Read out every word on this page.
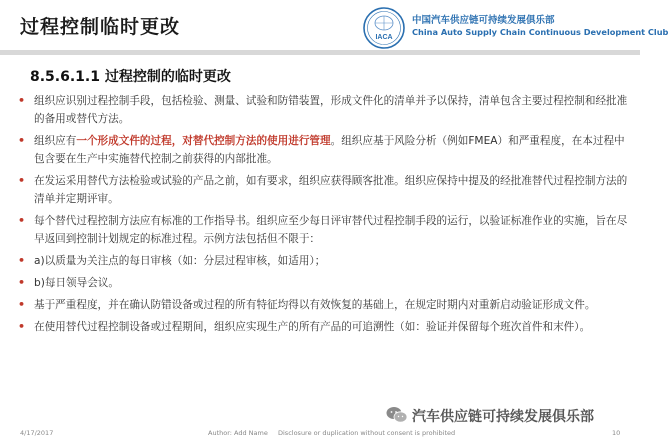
过程控制临时更改	IACA
中国汽车供应链可持续发展俱乐部
China Auto Supply Chain Continuous Development Club
8.5.6.1.1 过程控制的临时更改
• 组织应识别过程控制手段，包括检验、测量、试验和防错装置，形成文件化的清单并予以保持，清单包含主要过程控制和经批准的备用或替代方法。
• 组织应有一个形成文件的过程，对替代控制方法的使用进行管理。组织应基于风险分析（例如FMEA）和严重程度，在本过程中包含要在生产中实施替代控制之前获得的内部批准。
• 在发运采用替代方法检验或试验的产品之前，如有要求，组织应获得顾客批准。组织应保持中提及的经批准替代过程控制方法的清单并定期评审。
• 每个替代过程控制方法应有标准的工作指导书。组织应至少每日评审替代过程控制手段的运行，以验证标准作业的实施，旨在尽早返回到控制计划规定的标准过程。示例方法包括但不限于：
• a)以质量为关注点的每日审核（如：分层过程审核，如适用）；
• b)每日领导会议。
• 基于严重程度，并在确认防错设备或过程的所有特征均得以有效恢复的基础上，在规定时期内对重新启动验证形成文件。
• 在使用替代过程控制设备或过程期间，组织应实现生产的所有产品的可追溯性（如：验证并保留每个班次首件和末件）。
汽车供应链可持续发展俱乐部
4/17/2017	Author: Add Name Disclosure or duplication without consent is prohibited	10
